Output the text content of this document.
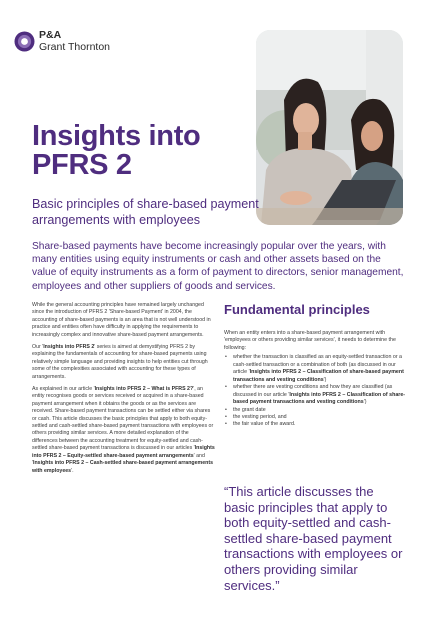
P&A
Grant Thornton
Insights into
PFRS 2

Basic principles of share-based payment arrangements with employees

Share-based payments have become increasingly popular over the years, with many entities using equity instruments or cash and other assets based on the value of equity instruments as a form of payment to directors, senior management, employees and other suppliers of goods and services.

While the general accounting principles have remained largely unchanged since the introduction of PFRS 2 'Share-based Payment' in 2004, the accounting of share-based payments is an area that is not well understood in practice and entities often have difficulty in applying the requirements to increasingly complex and innovative share-based payment arrangements.

Our 'Insights into PFRS 2' series is aimed at demystifying PFRS 2 by explaining the fundamentals of accounting for share-based payments using relatively simple language and providing insights to help entities cut through some of the complexities associated with accounting for these types of arrangements.

As explained in our article 'Insights into PFRS 2 – What is PFRS 2?', an entity recognises goods or services received or acquired in a share-based payment arrangement when it obtains the goods or as the services are received. Share-based payment transactions can be settled either via shares or cash. This article discusses the basic principles that apply to both equity-settled and cash-settled share-based payment transactions with employees or others providing similar services. A more detailed explanation of the differences between the accounting treatment for equity-settled and cash-settled share-based payment transactions is discussed in our articles 'Insights into PFRS 2 – Equity-settled share-based payment arrangements' and 'Insights into PFRS 2 – Cash-settled share-based payment arrangements with employees'.

Fundamental principles

When an entity enters into a share-based payment arrangement with 'employees or others providing similar services', it needs to determine the following:

• whether the transaction is classified as an equity-settled transaction or a cash-settled transaction or a combination of both (as discussed in our article 'Insights into PFRS 2 – Classification of share-based payment transactions and vesting conditions')
• whether there are vesting conditions and how they are classified (as discussed in our article 'Insights into PFRS 2 – Classification of share-based payment transactions and vesting conditions')
• the grant date
• the vesting period, and
• the fair value of the award.

“This article discusses the basic principles that apply to both equity-settled and cash-settled share-based payment transactions with employees or others providing similar services.”
